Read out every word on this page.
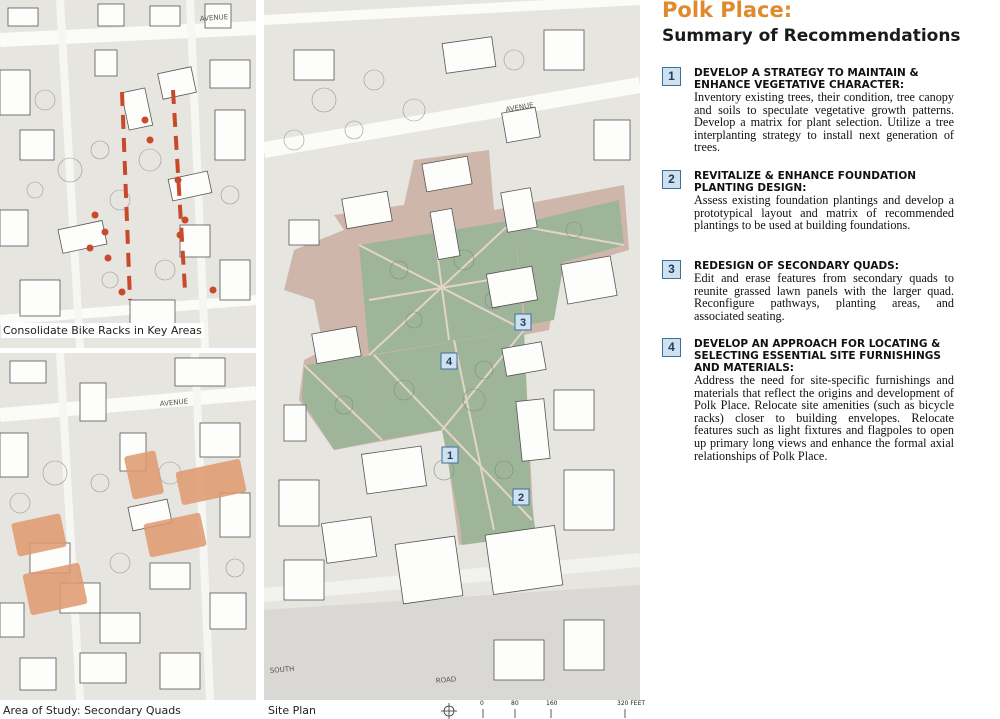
AVENUE
Consolidate Bike Racks in Key Areas
AVENUE
Area of Study: Secondary Quads
AVENUE
SOUTH
ROAD
1
2
3
4
Site Plan
0	80	160	320 FEET
Polk Place:
Summary of Recommendations
1	DEVELOP A STRATEGY TO MAINTAIN & ENHANCE VEGETATIVE CHARACTER:
Inventory existing trees, their condition, tree canopy and soils to speculate vegetative growth patterns. Develop a matrix for plant selection. Utilize a tree interplanting strategy to install next generation of trees.
2	REVITALIZE & ENHANCE FOUNDATION PLANTING DESIGN:
Assess existing foundation plantings and develop a prototypical layout and matrix of recommended plantings to be used at building foundations.
3	REDESIGN OF SECONDARY QUADS:
Edit and erase features from secondary quads to reunite grassed lawn panels with the larger quad. Reconfigure pathways, planting areas, and associated seating.
4	DEVELOP AN APPROACH FOR LOCATING & SELECTING ESSENTIAL SITE FURNISHINGS AND MATERIALS:
Address the need for site-specific furnishings and materials that reflect the origins and development of Polk Place. Relocate site amenities (such as bicycle racks) closer to building envelopes. Relocate features such as light fixtures and flagpoles to open up primary long views and enhance the formal axial relationships of Polk Place.
